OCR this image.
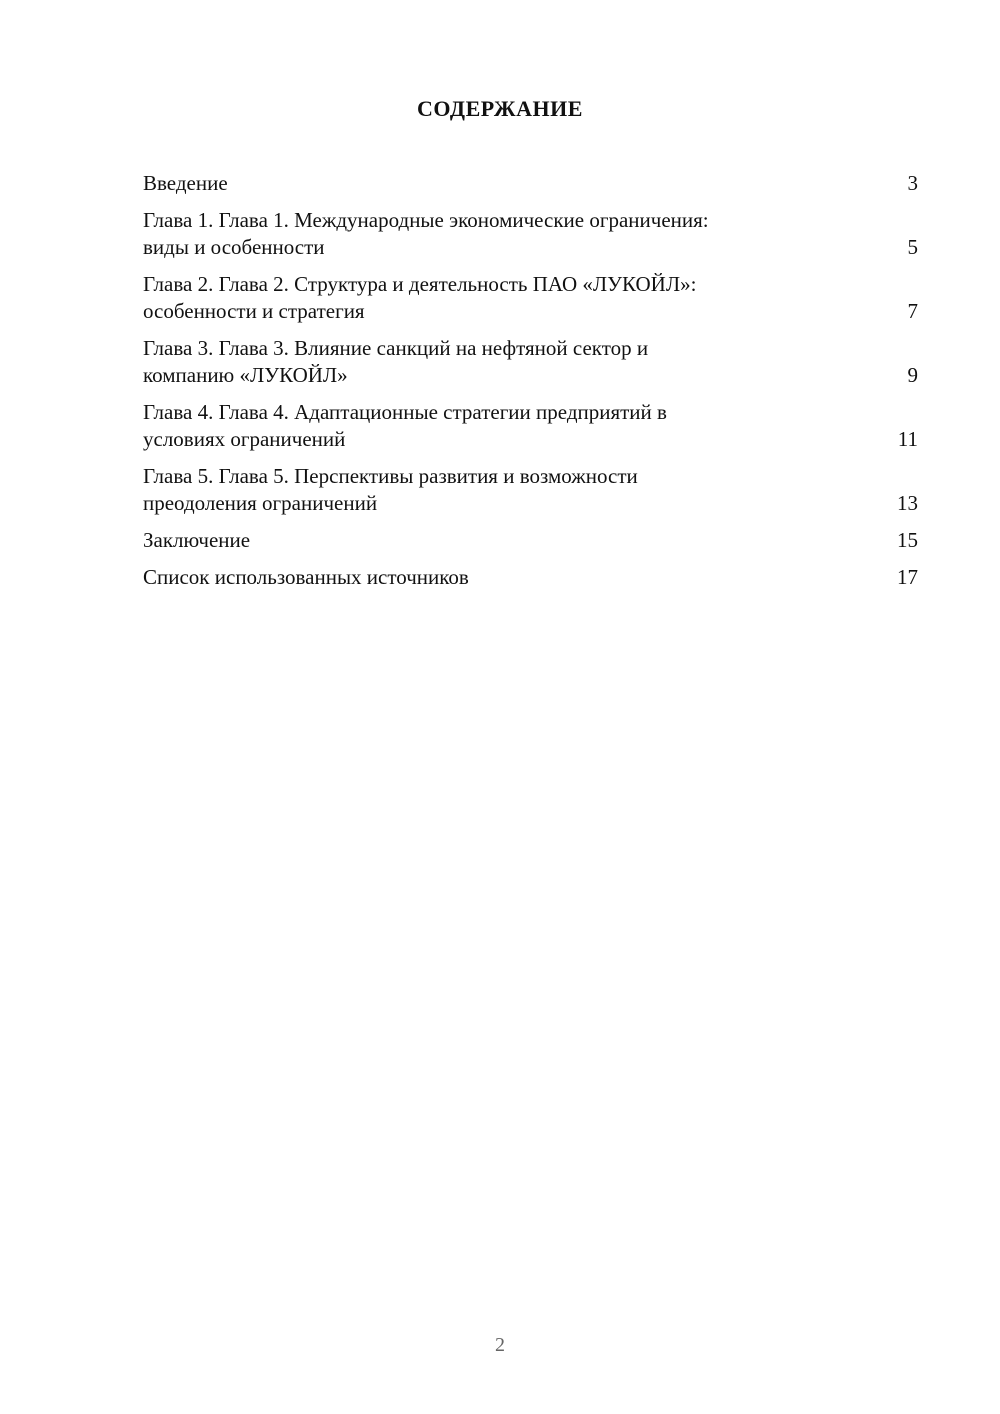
СОДЕРЖАНИЕ
Введение	3
Глава 1. Глава 1. Международные экономические ограничения:
виды и особенности	5
Глава 2. Глава 2. Структура и деятельность ПАО «ЛУКОЙЛ»:
особенности и стратегия	7
Глава 3. Глава 3. Влияние санкций на нефтяной сектор и
компанию «ЛУКОЙЛ»	9
Глава 4. Глава 4. Адаптационные стратегии предприятий в
условиях ограничений	11
Глава 5. Глава 5. Перспективы развития и возможности
преодоления ограничений	13
Заключение	15
Список использованных источников	17
2
